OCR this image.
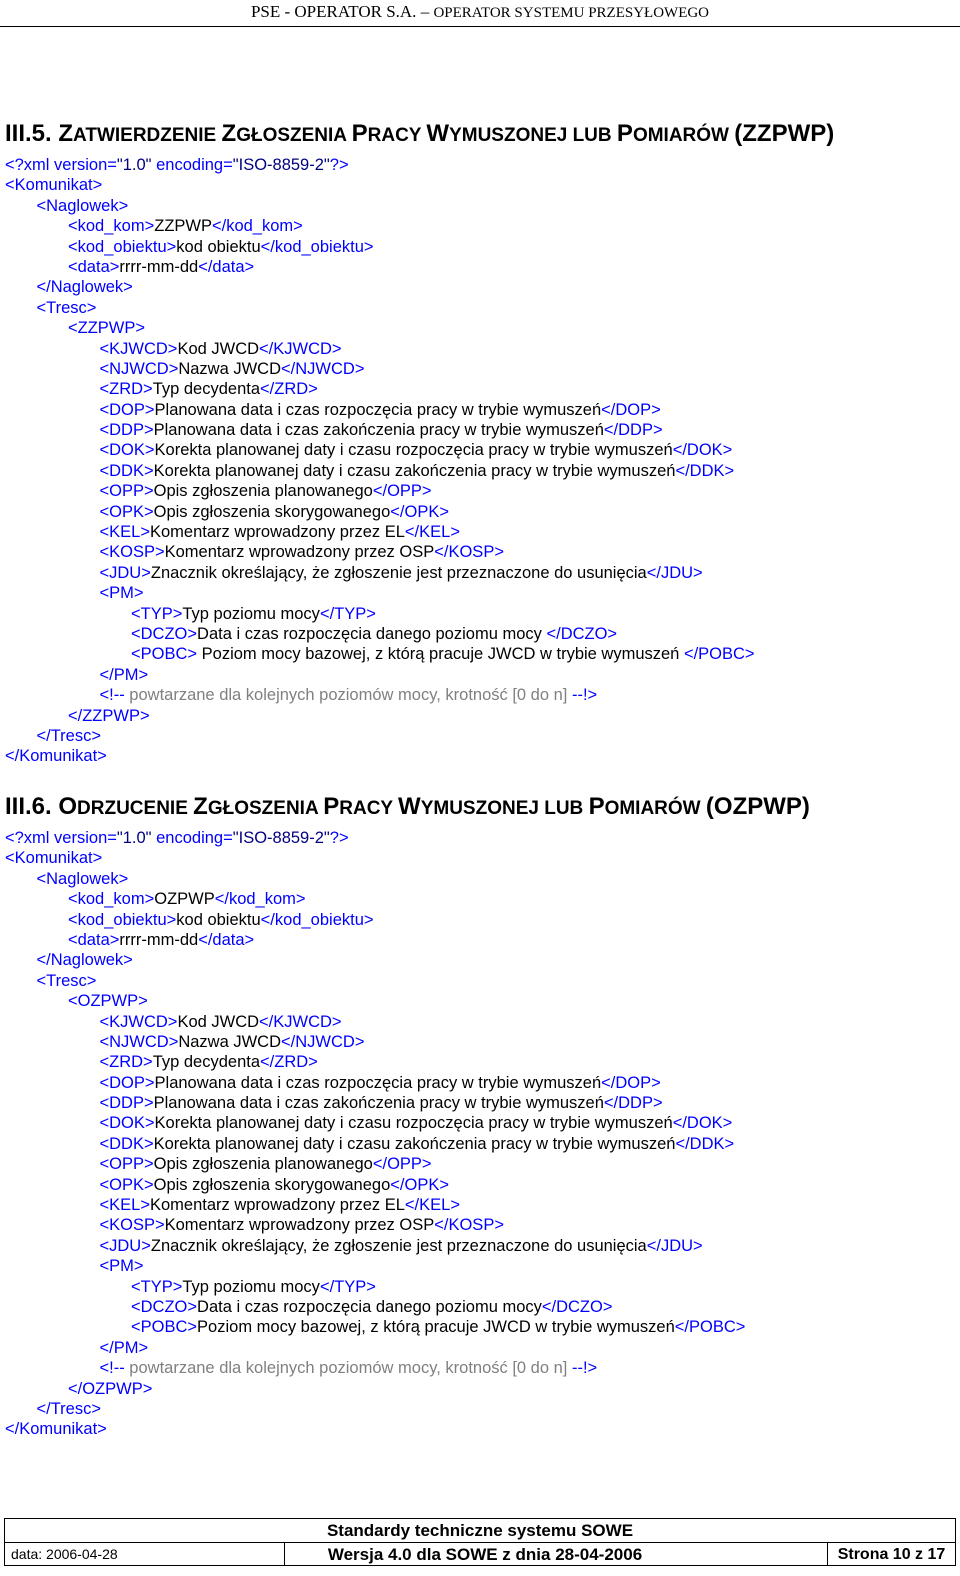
PSE - OPERATOR S.A. – OPERATOR SYSTEMU PRZESYŁOWEGO
III.5. ZATWIERDZENIE ZGŁOSZENIA PRACY WYMUSZONEJ LUB POMIARÓW (ZZPWP)
<?xml version="1.0" encoding="ISO-8859-2"?>
<Komunikat>
<Naglowek>
<kod_kom>ZZPWP</kod_kom>
<kod_obiektu>kod obiektu</kod_obiektu>
<data>rrrr-mm-dd</data>
</Naglowek>
<Tresc>
<ZZPWP>
<KJWCD>Kod JWCD</KJWCD>
<NJWCD>Nazwa JWCD</NJWCD>
<ZRD>Typ decydenta</ZRD>
<DOP>Planowana data i czas rozpoczęcia pracy w trybie wymuszeń</DOP>
<DDP>Planowana data i czas zakończenia pracy w trybie wymuszeń</DDP>
<DOK>Korekta planowanej daty i czasu rozpoczęcia pracy w trybie wymuszeń</DOK>
<DDK>Korekta planowanej daty i czasu zakończenia pracy w trybie wymuszeń</DDK>
<OPP>Opis zgłoszenia planowanego</OPP>
<OPK>Opis zgłoszenia skorygowanego</OPK>
<KEL>Komentarz wprowadzony przez EL</KEL>
<KOSP>Komentarz wprowadzony przez OSP</KOSP>
<JDU>Znacznik określający, że zgłoszenie jest przeznaczone do usunięcia</JDU>
<PM>
<TYP>Typ poziomu mocy</TYP>
<DCZO>Data i czas rozpoczęcia danego poziomu mocy </DCZO>
<POBC> Poziom mocy bazowej, z którą pracuje JWCD w trybie wymuszeń </POBC>
</PM>
<!-- powtarzane dla kolejnych poziomów mocy, krotność [0 do n] --!>
</ZZPWP>
</Tresc>
</Komunikat>
III.6. ODRZUCENIE ZGŁOSZENIA PRACY WYMUSZONEJ LUB POMIARÓW (OZPWP)
<?xml version="1.0" encoding="ISO-8859-2"?>
<Komunikat>
<Naglowek>
<kod_kom>OZPWP</kod_kom>
<kod_obiektu>kod obiektu</kod_obiektu>
<data>rrrr-mm-dd</data>
</Naglowek>
<Tresc>
<OZPWP>
<KJWCD>Kod JWCD</KJWCD>
<NJWCD>Nazwa JWCD</NJWCD>
<ZRD>Typ decydenta</ZRD>
<DOP>Planowana data i czas rozpoczęcia pracy w trybie wymuszeń</DOP>
<DDP>Planowana data i czas zakończenia pracy w trybie wymuszeń</DDP>
<DOK>Korekta planowanej daty i czasu rozpoczęcia pracy w trybie wymuszeń</DOK>
<DDK>Korekta planowanej daty i czasu zakończenia pracy w trybie wymuszeń</DDK>
<OPP>Opis zgłoszenia planowanego</OPP>
<OPK>Opis zgłoszenia skorygowanego</OPK>
<KEL>Komentarz wprowadzony przez EL</KEL>
<KOSP>Komentarz wprowadzony przez OSP</KOSP>
<JDU>Znacznik określający, że zgłoszenie jest przeznaczone do usunięcia</JDU>
<PM>
<TYP>Typ poziomu mocy</TYP>
<DCZO>Data i czas rozpoczęcia danego poziomu mocy</DCZO>
<POBC>Poziom mocy bazowej, z którą pracuje JWCD w trybie wymuszeń</POBC>
</PM>
<!-- powtarzane dla kolejnych poziomów mocy, krotność [0 do n] --!>
</OZPWP>
</Tresc>
</Komunikat>
Standardy techniczne systemu SOWE
data: 2006-04-28	Wersja 4.0 dla SOWE z dnia 28-04-2006	Strona 10 z 17
